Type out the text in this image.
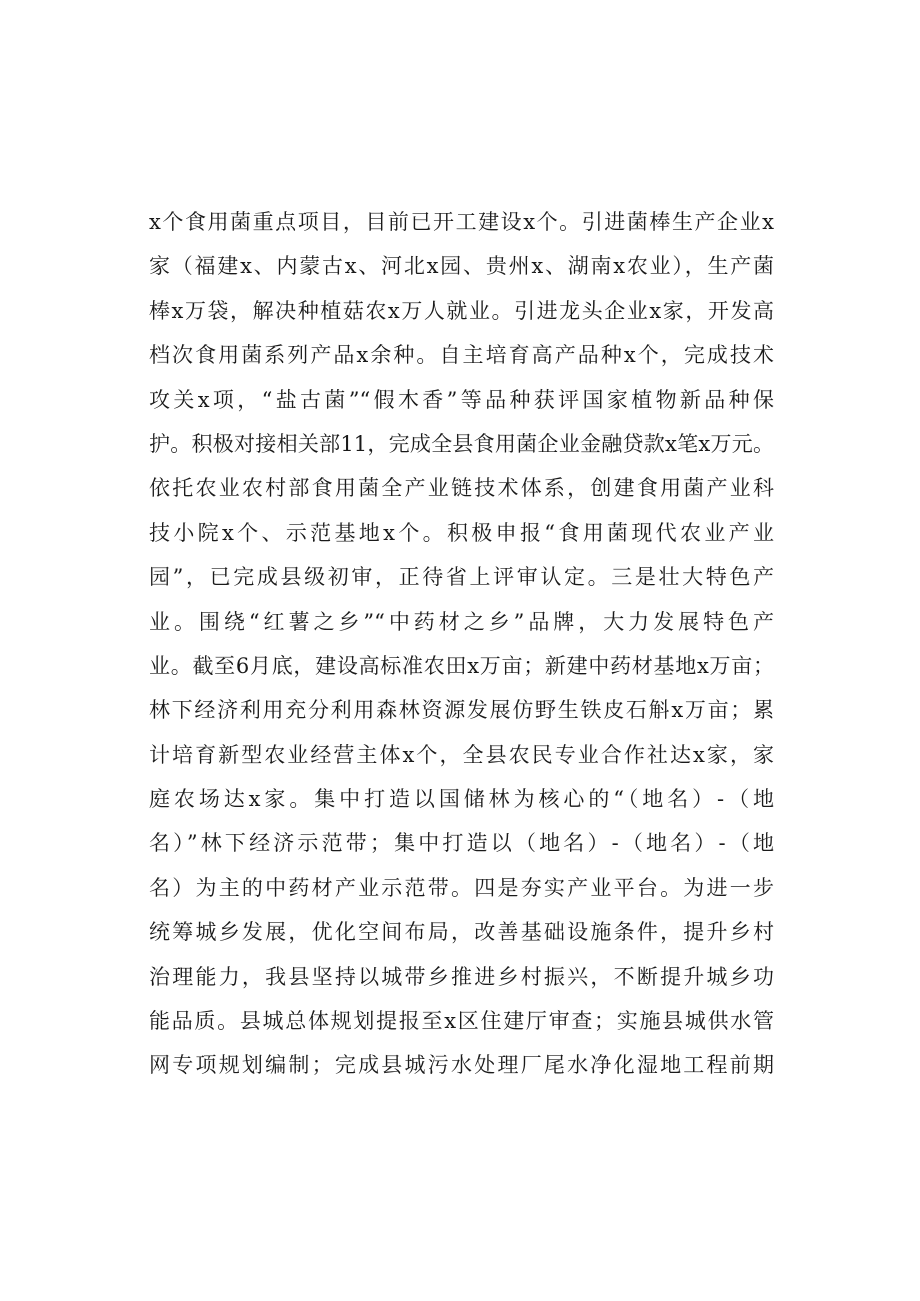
x个食用菌重点项目，目前已开工建设x个。引进菌棒生产企业x
家（福建x、内蒙古x、河北x园、贵州x、湖南x农业），生产菌
棒x万袋，解决种植菇农x万人就业。引进龙头企业x家，开发高
档次食用菌系列产品x余种。自主培育高产品种x个，完成技术
攻关x项，“盐古菌”“假木香”等品种获评国家植物新品种保
护。积极对接相关部11，完成全县食用菌企业金融贷款x笔x万元。
依托农业农村部食用菌全产业链技术体系，创建食用菌产业科
技小院x个、示范基地x个。积极申报“食用菌现代农业产业
园”，已完成县级初审，正待省上评审认定。三是壮大特色产
业。围绕“红薯之乡”“中药材之乡”品牌，大力发展特色产
业。截至6月底，建设高标准农田x万亩；新建中药材基地x万亩；
林下经济利用充分利用森林资源发展仿野生铁皮石斛x万亩；累
计培育新型农业经营主体x个，全县农民专业合作社达x家，家
庭农场达x家。集中打造以国储林为核心的“（地名）-（地
名）”林下经济示范带；集中打造以（地名）-（地名）-（地
名）为主的中药材产业示范带。四是夯实产业平台。为进一步
统筹城乡发展，优化空间布局，改善基础设施条件，提升乡村
治理能力，我县坚持以城带乡推进乡村振兴，不断提升城乡功
能品质。县城总体规划提报至x区住建厅审查；实施县城供水管
网专项规划编制；完成县城污水处理厂尾水净化湿地工程前期
